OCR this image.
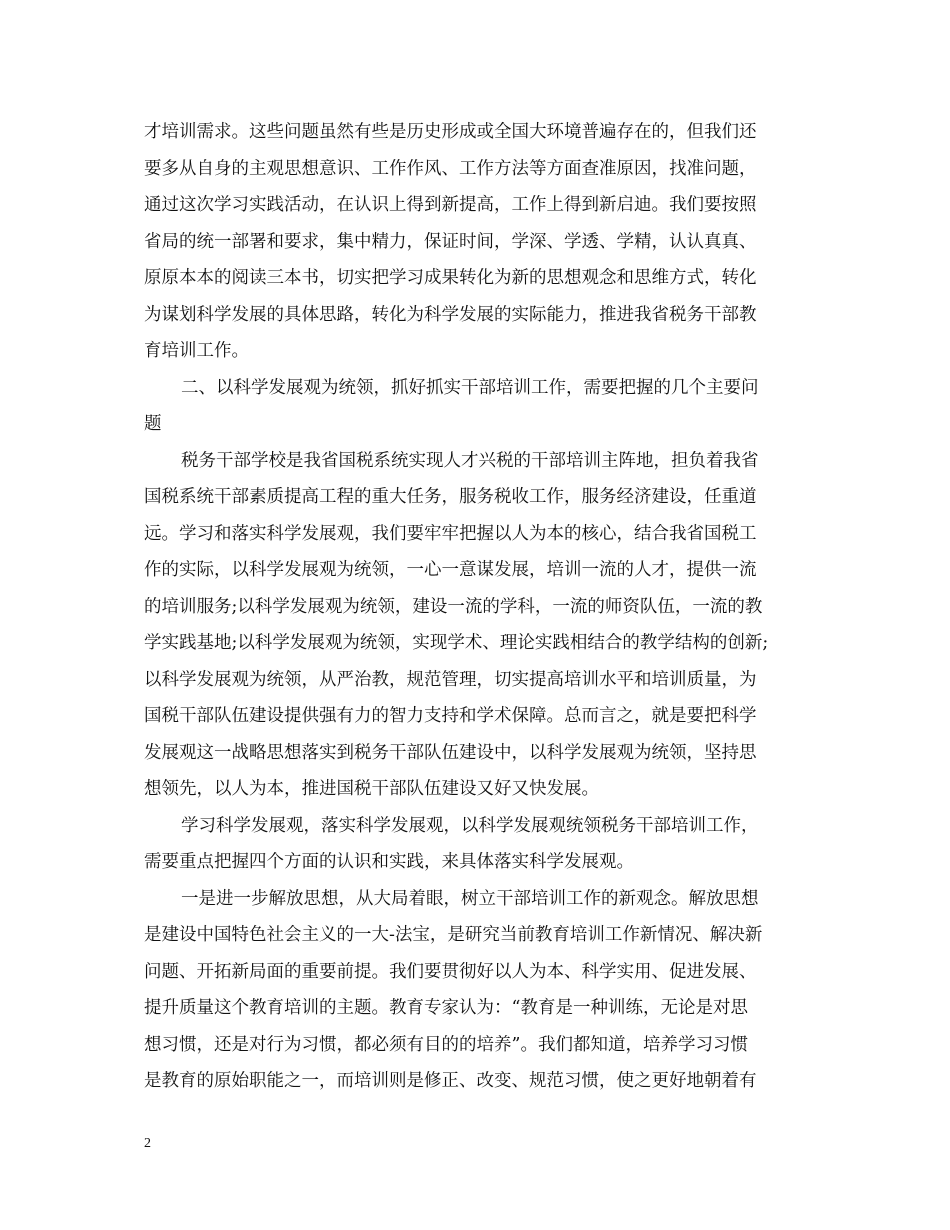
才培训需求。这些问题虽然有些是历史形成或全国大环境普遍存在的，但我们还
要多从自身的主观思想意识、工作作风、工作方法等方面查准原因，找准问题，
通过这次学习实践活动，在认识上得到新提高，工作上得到新启迪。我们要按照
省局的统一部署和要求，集中精力，保证时间，学深、学透、学精，认认真真、
原原本本的阅读三本书，切实把学习成果转化为新的思想观念和思维方式，转化
为谋划科学发展的具体思路，转化为科学发展的实际能力，推进我省税务干部教
育培训工作。
二、以科学发展观为统领，抓好抓实干部培训工作，需要把握的几个主要问
题
税务干部学校是我省国税系统实现人才兴税的干部培训主阵地，担负着我省
国税系统干部素质提高工程的重大任务，服务税收工作，服务经济建设，任重道
远。学习和落实科学发展观，我们要牢牢把握以人为本的核心，结合我省国税工
作的实际，以科学发展观为统领，一心一意谋发展，培训一流的人才，提供一流
的培训服务;以科学发展观为统领，建设一流的学科，一流的师资队伍，一流的教
学实践基地;以科学发展观为统领，实现学术、理论实践相结合的教学结构的创新;
以科学发展观为统领，从严治教，规范管理，切实提高培训水平和培训质量，为
国税干部队伍建设提供强有力的智力支持和学术保障。总而言之，就是要把科学
发展观这一战略思想落实到税务干部队伍建设中，以科学发展观为统领，坚持思
想领先，以人为本，推进国税干部队伍建设又好又快发展。
学习科学发展观，落实科学发展观，以科学发展观统领税务干部培训工作，
需要重点把握四个方面的认识和实践，来具体落实科学发展观。
一是进一步解放思想，从大局着眼，树立干部培训工作的新观念。解放思想
是建设中国特色社会主义的一大-法宝，是研究当前教育培训工作新情况、解决新
问题、开拓新局面的重要前提。我们要贯彻好以人为本、科学实用、促进发展、
提升质量这个教育培训的主题。教育专家认为：“教育是一种训练，无论是对思
想习惯，还是对行为习惯，都必须有目的的培养”。我们都知道，培养学习习惯
是教育的原始职能之一，而培训则是修正、改变、规范习惯，使之更好地朝着有
2
